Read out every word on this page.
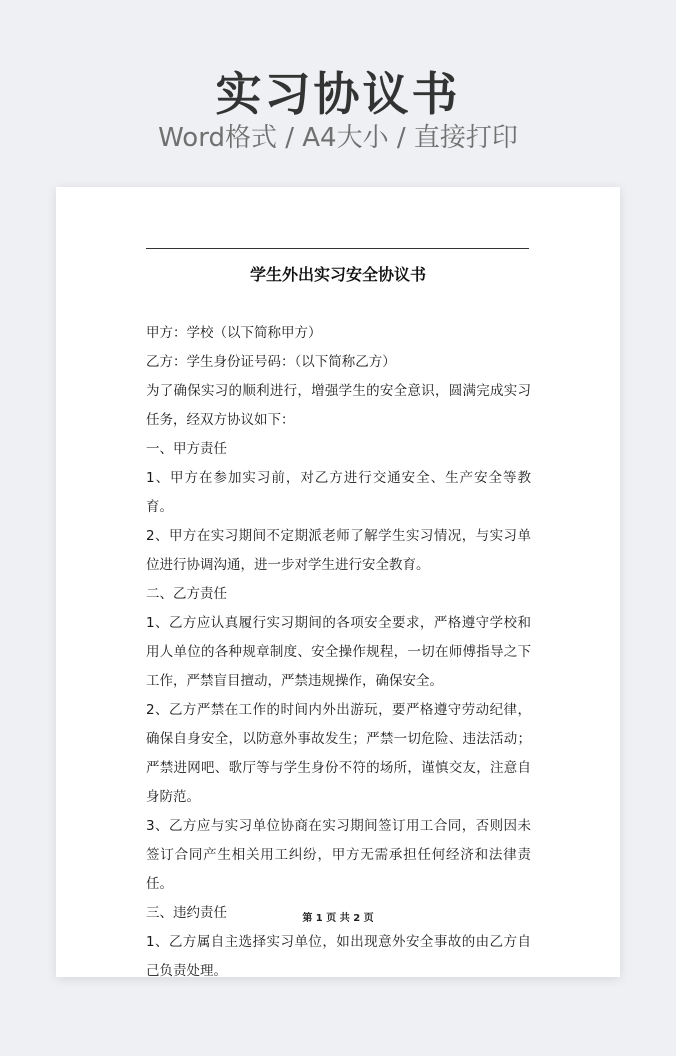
实习协议书
Word格式 / A4大小 / 直接打印
学生外出实习安全协议书

甲方：学校（以下简称甲方）

乙方：学生身份证号码：（以下简称乙方）

为了确保实习的顺利进行，增强学生的安全意识，圆满完成实习任务，经双方协议如下：

一、甲方责任

1、甲方在参加实习前，对乙方进行交通安全、生产安全等教育。

2、甲方在实习期间不定期派老师了解学生实习情况，与实习单位进行协调沟通，进一步对学生进行安全教育。

二、乙方责任

1、乙方应认真履行实习期间的各项安全要求，严格遵守学校和用人单位的各种规章制度、安全操作规程，一切在师傅指导之下工作，严禁盲目擅动，严禁违规操作，确保安全。

2、乙方严禁在工作的时间内外出游玩，要严格遵守劳动纪律，确保自身安全，以防意外事故发生；严禁一切危险、违法活动；严禁进网吧、歌厅等与学生身份不符的场所，谨慎交友，注意自身防范。

3、乙方应与实习单位协商在实习期间签订用工合同，否则因未签订合同产生相关用工纠纷，甲方无需承担任何经济和法律责任。

三、违约责任

1、乙方属自主选择实习单位，如出现意外安全事故的由乙方自己负责处理。

第 1 页 共 2 页
